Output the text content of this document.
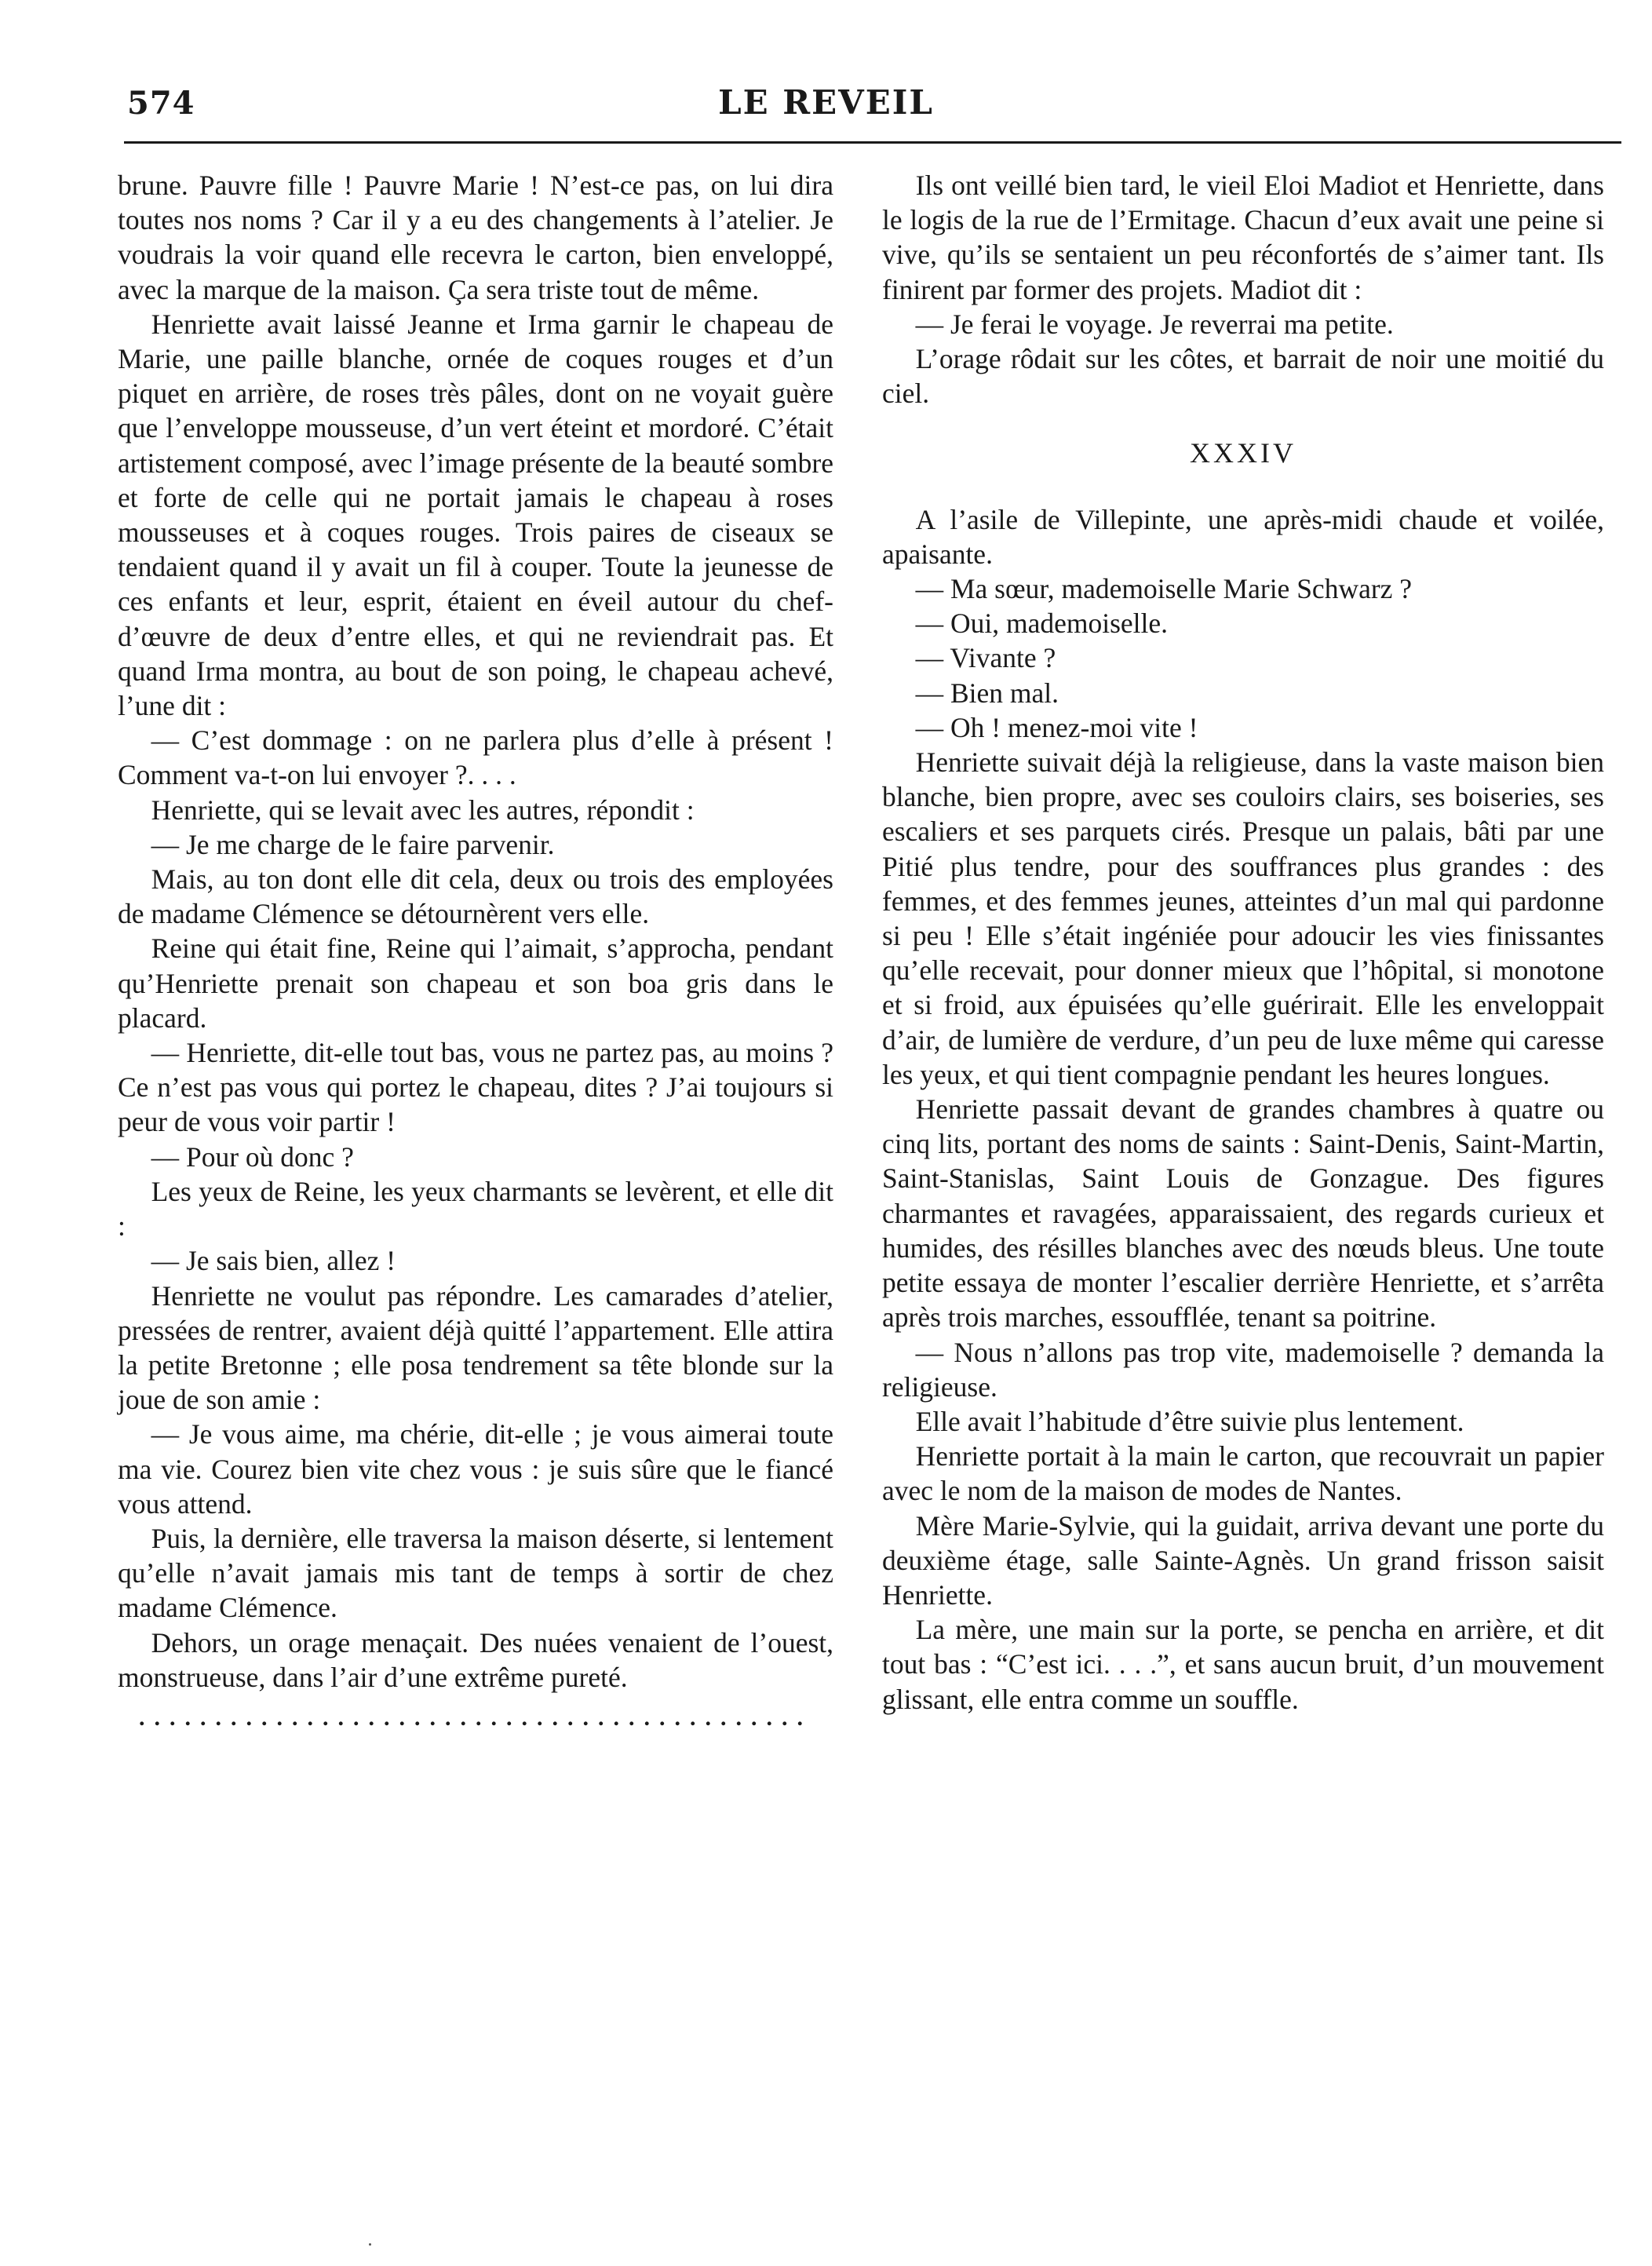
574	LE REVEIL

brune. Pauvre fille ! Pauvre Marie ! N’est-ce pas, on lui dira toutes nos noms ? Car il y a eu des changements à l’atelier. Je voudrais la voir quand elle recevra le carton, bien enveloppé, avec la marque de la maison. Ça sera triste tout de même.

Henriette avait laissé Jeanne et Irma garnir le chapeau de Marie, une paille blanche, ornée de coques rouges et d’un piquet en arrière, de roses très pâles, dont on ne voyait guère que l’enveloppe mousseuse, d’un vert éteint et mordoré. C’était artistement composé, avec l’image présente de la beauté sombre et forte de celle qui ne portait jamais le chapeau à roses mousseuses et à coques rouges. Trois paires de ciseaux se tendaient quand il y avait un fil à couper. Toute la jeunesse de ces enfants et leur, esprit, étaient en éveil autour du chef-d’œuvre de deux d’entre elles, et qui ne reviendrait pas. Et quand Irma montra, au bout de son poing, le chapeau achevé, l’une dit :

— C’est dommage : on ne parlera plus d’elle à présent ! Comment va-t-on lui envoyer ?. . . .

Henriette, qui se levait avec les autres, répondit :

— Je me charge de le faire parvenir.

Mais, au ton dont elle dit cela, deux ou trois des employées de madame Clémence se détournèrent vers elle.

Reine qui était fine, Reine qui l’aimait, s’approcha, pendant qu’Henriette prenait son chapeau et son boa gris dans le placard.

— Henriette, dit-elle tout bas, vous ne partez pas, au moins ? Ce n’est pas vous qui portez le chapeau, dites ? J’ai toujours si peur de vous voir partir !

— Pour où donc ?

Les yeux de Reine, les yeux charmants se levèrent, et elle dit :

— Je sais bien, allez !

Henriette ne voulut pas répondre. Les camarades d’atelier, pressées de rentrer, avaient déjà quitté l’appartement. Elle attira la petite Bretonne ; elle posa tendrement sa tête blonde sur la joue de son amie :

— Je vous aime, ma chérie, dit-elle ; je vous aimerai toute ma vie. Courez bien vite chez vous : je suis sûre que le fiancé vous attend.

Puis, la dernière, elle traversa la maison déserte, si lentement qu’elle n’avait jamais mis tant de temps à sortir de chez madame Clémence.

Dehors, un orage menaçait. Des nuées venaient de l’ouest, monstrueuse, dans l’air d’une extrême pureté.

............................................

Ils ont veillé bien tard, le vieil Eloi Madiot et Henriette, dans le logis de la rue de l’Ermitage. Chacun d’eux avait une peine si vive, qu’ils se sentaient un peu réconfortés de s’aimer tant. Ils finirent par former des projets. Madiot dit :

— Je ferai le voyage. Je reverrai ma petite.

L’orage rôdait sur les côtes, et barrait de noir une moitié du ciel.

XXXIV

A l’asile de Villepinte, une après-midi chaude et voilée, apaisante.

— Ma sœur, mademoiselle Marie Schwarz ?

— Oui, mademoiselle.

— Vivante ?

— Bien mal.

— Oh ! menez-moi vite !

Henriette suivait déjà la religieuse, dans la vaste maison bien blanche, bien propre, avec ses couloirs clairs, ses boiseries, ses escaliers et ses parquets cirés. Presque un palais, bâti par une Pitié plus tendre, pour des souffrances plus grandes : des femmes, et des femmes jeunes, atteintes d’un mal qui pardonne si peu ! Elle s’était ingéniée pour adoucir les vies finissantes qu’elle recevait, pour donner mieux que l’hôpital, si monotone et si froid, aux épuisées qu’elle guérirait. Elle les enveloppait d’air, de lumière de verdure, d’un peu de luxe même qui caresse les yeux, et qui tient compagnie pendant les heures longues.

Henriette passait devant de grandes chambres à quatre ou cinq lits, portant des noms de saints : Saint-Denis, Saint-Martin, Saint-Stanislas, Saint Louis de Gonzague. Des figures charmantes et ravagées, apparaissaient, des regards curieux et humides, des résilles blanches avec des nœuds bleus. Une toute petite essaya de monter l’escalier derrière Henriette, et s’arrêta après trois marches, essoufflée, tenant sa poitrine.

— Nous n’allons pas trop vite, mademoiselle ? demanda la religieuse.

Elle avait l’habitude d’être suivie plus lentement.

Henriette portait à la main le carton, que recouvrait un papier avec le nom de la maison de modes de Nantes.

Mère Marie-Sylvie, qui la guidait, arriva devant une porte du deuxième étage, salle Sainte-Agnès. Un grand frisson saisit Henriette.

La mère, une main sur la porte, se pencha en arrière, et dit tout bas : “C’est ici. . . .”, et sans aucun bruit, d’un mouvement glissant, elle entra comme un souffle.
